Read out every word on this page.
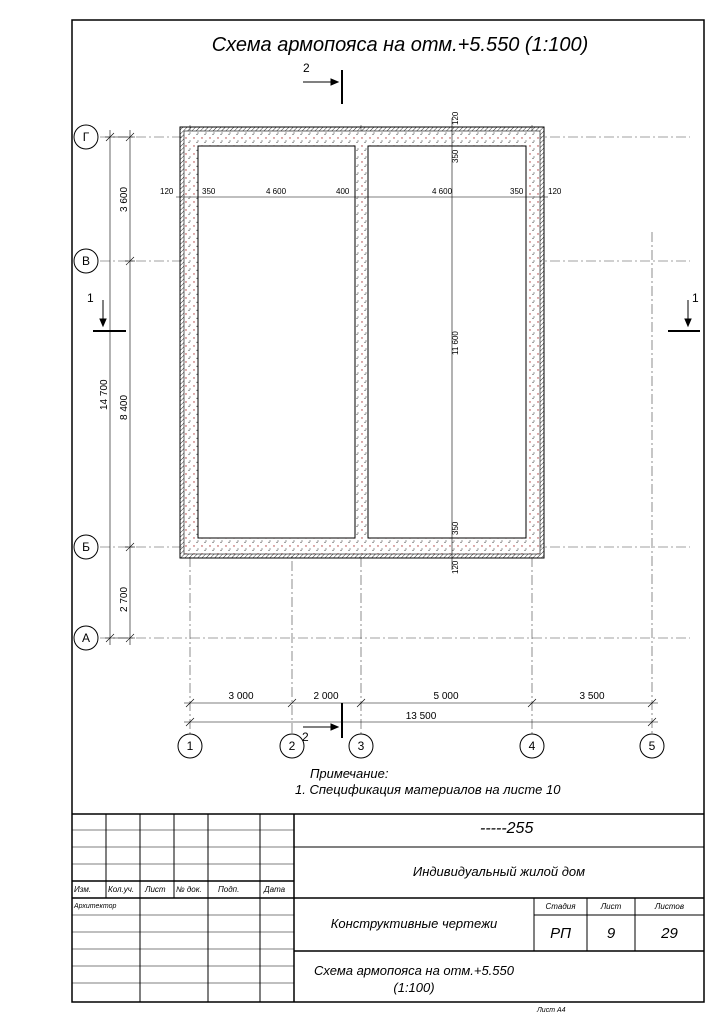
120	350	4 600	400	4 600	350	120
120
350
11 600
350
120
3 600
14 700 8 400
2 700
Г
В
Б
А
3 000	2 000	5 000	3 500
13 500
1	2	3	4	5
2
2
1	1
Схема армопояса на отм.+5.550 (1:100)
Примечание:
1. Спецификация материалов на листе 10
Изм. Кол.уч. Лист № док. Подп.	Дата
Архитектор
-----255
Индивидуальный жилой дом
Конструктивные чертежи
Схема армопояса на отм.+5.550
(1:100)
Стадия	Лист	Листов
РП	9	29
Лист А4
